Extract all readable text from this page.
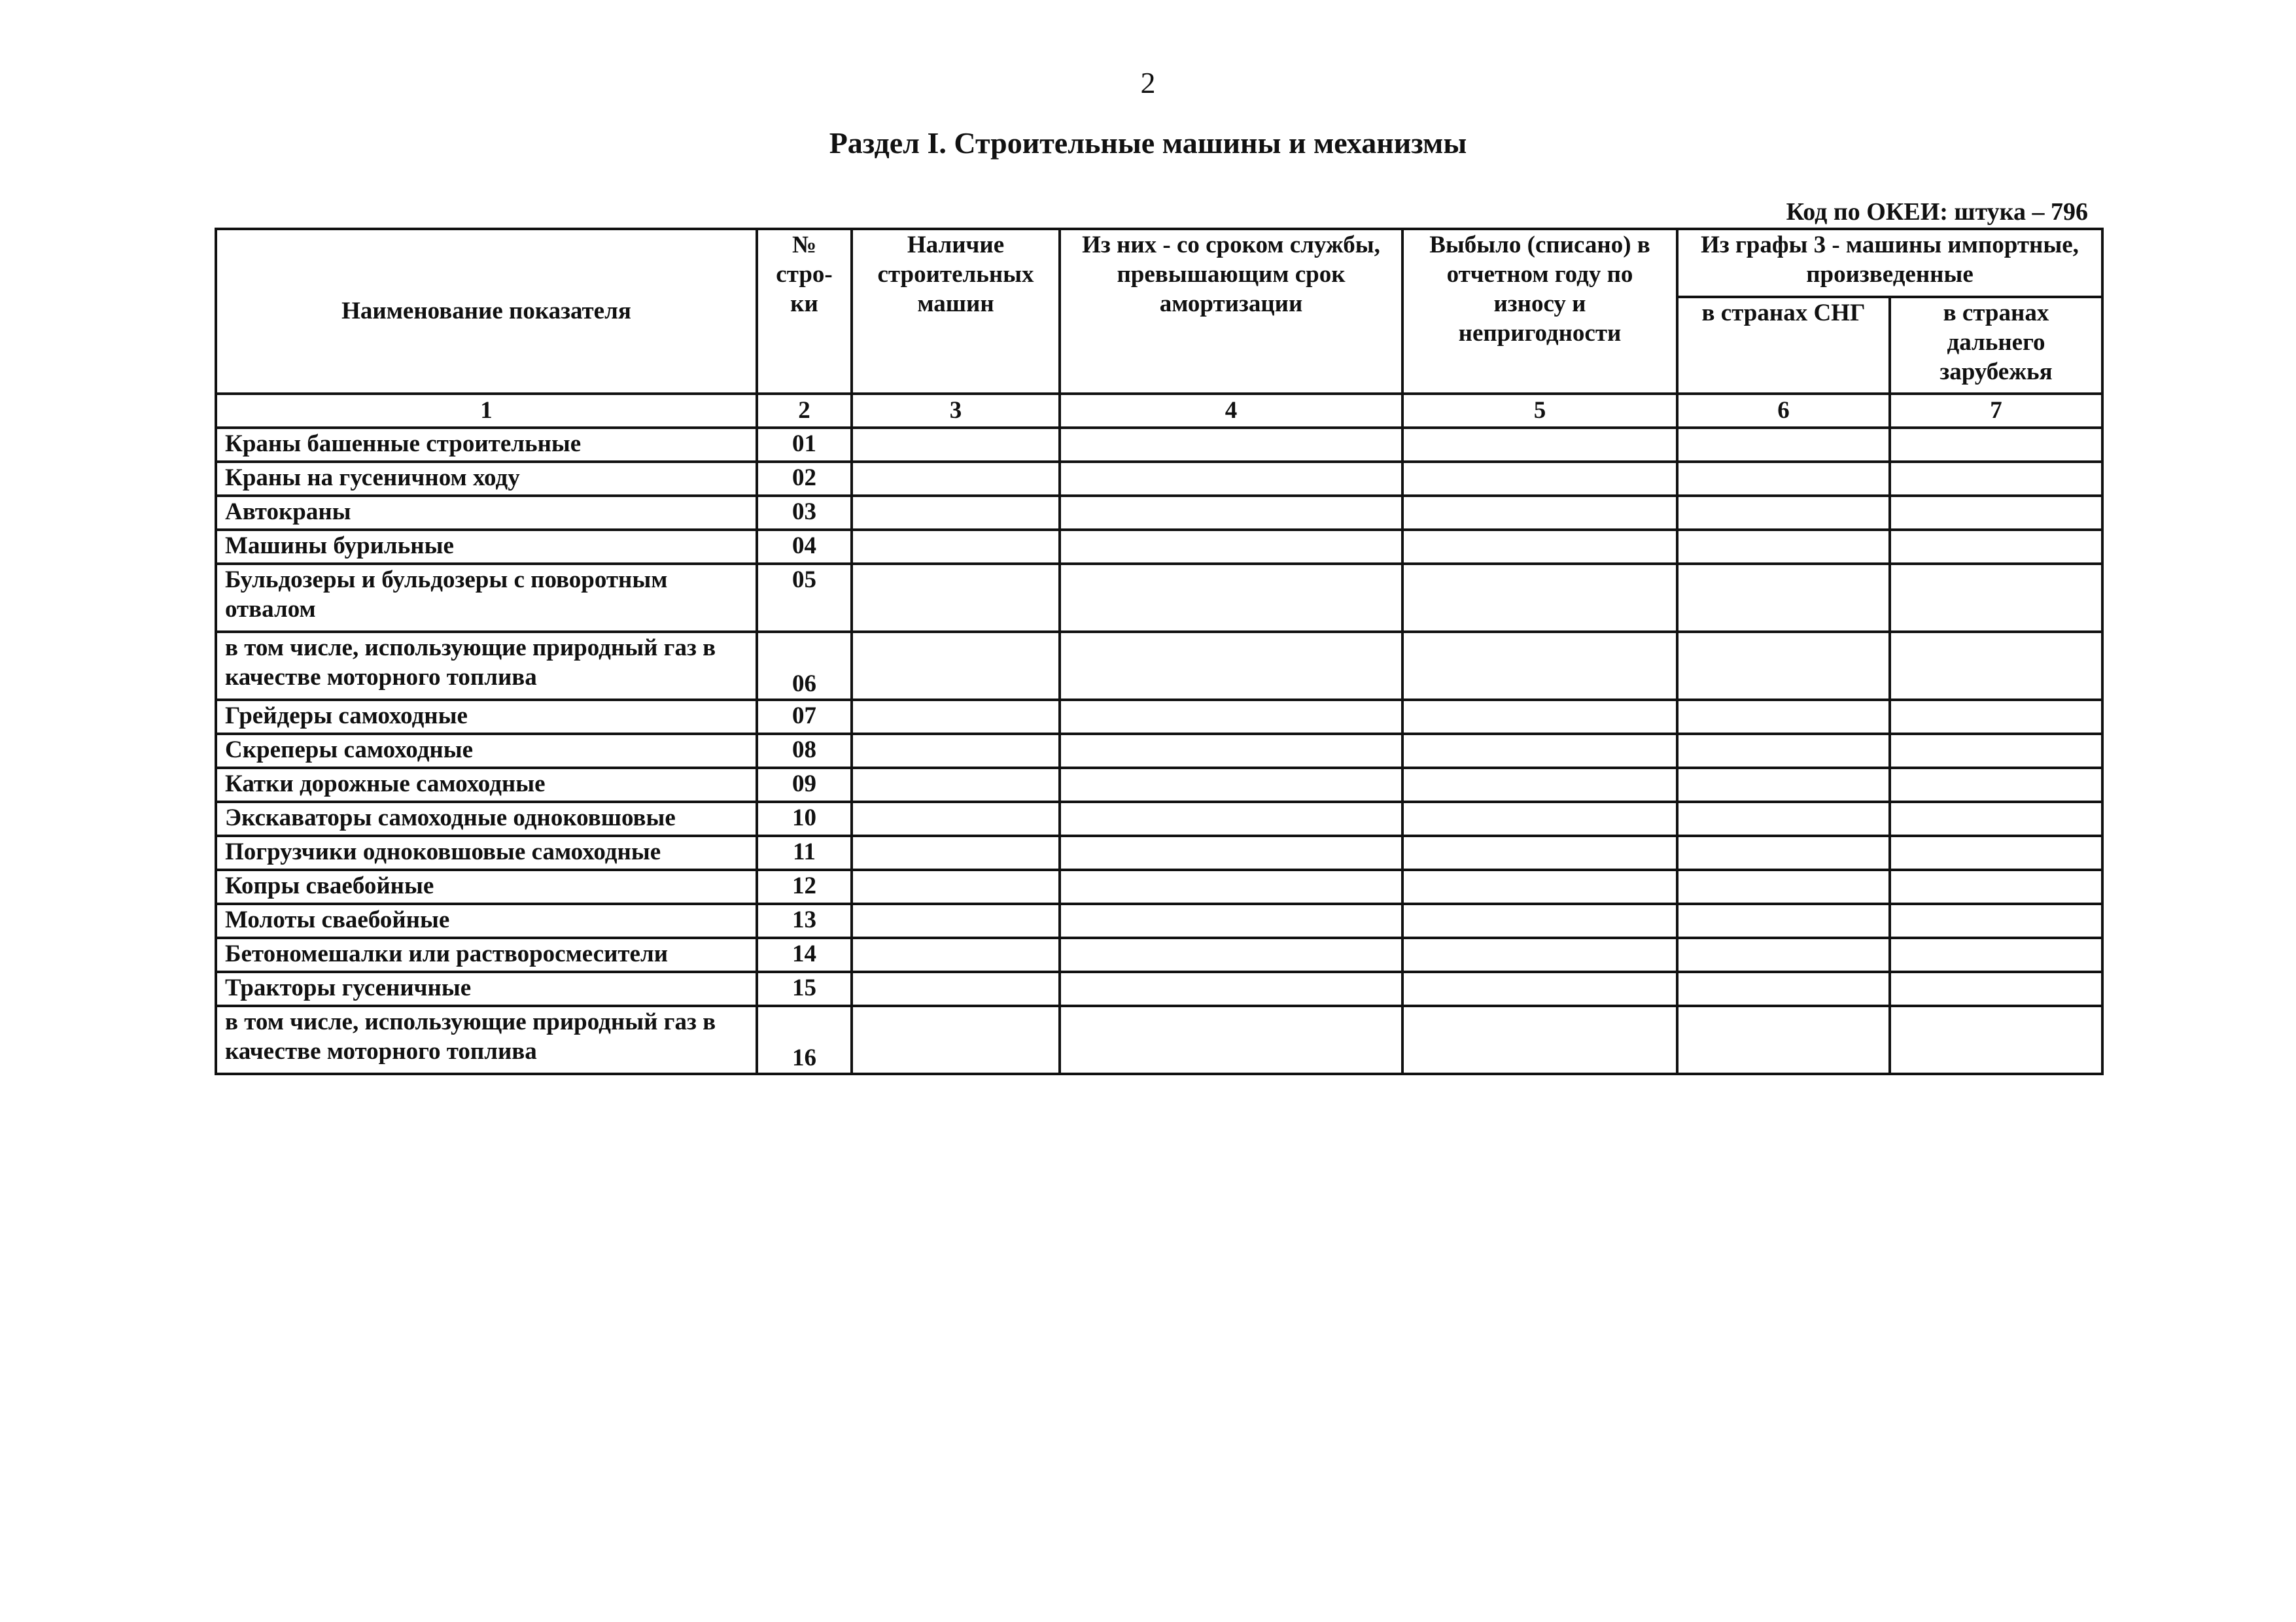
2
Раздел I. Строительные машины и механизмы
Код по ОКЕИ: штука – 796
Наименование показателя	№ стро-ки	Наличие строительных машин	Из них - со сроком службы, превышающим срок амортизации	Выбыло (списано) в отчетном году по износу и непригодности	Из графы 3 - машины импортные, произведенные	
					в странах СНГ	в странах дальнего зарубежья
1	2	3	4	5	6	7
Краны башенные строительные	01					
Краны на гусеничном ходу	02					
Автокраны	03					
Машины бурильные	04					
Бульдозеры и бульдозеры с поворотным отвалом	05					
в том числе, использующие природный газ в качестве моторного топлива	06					
Грейдеры самоходные	07					
Скреперы самоходные	08					
Катки дорожные самоходные	09					
Экскаваторы самоходные одноковшовые	10					
Погрузчики одноковшовые самоходные	11					
Копры сваебойные	12					
Молоты сваебойные	13					
Бетономешалки или растворосмесители	14					
Тракторы гусеничные	15					
в том числе, использующие природный газ в качестве моторного топлива	16					
